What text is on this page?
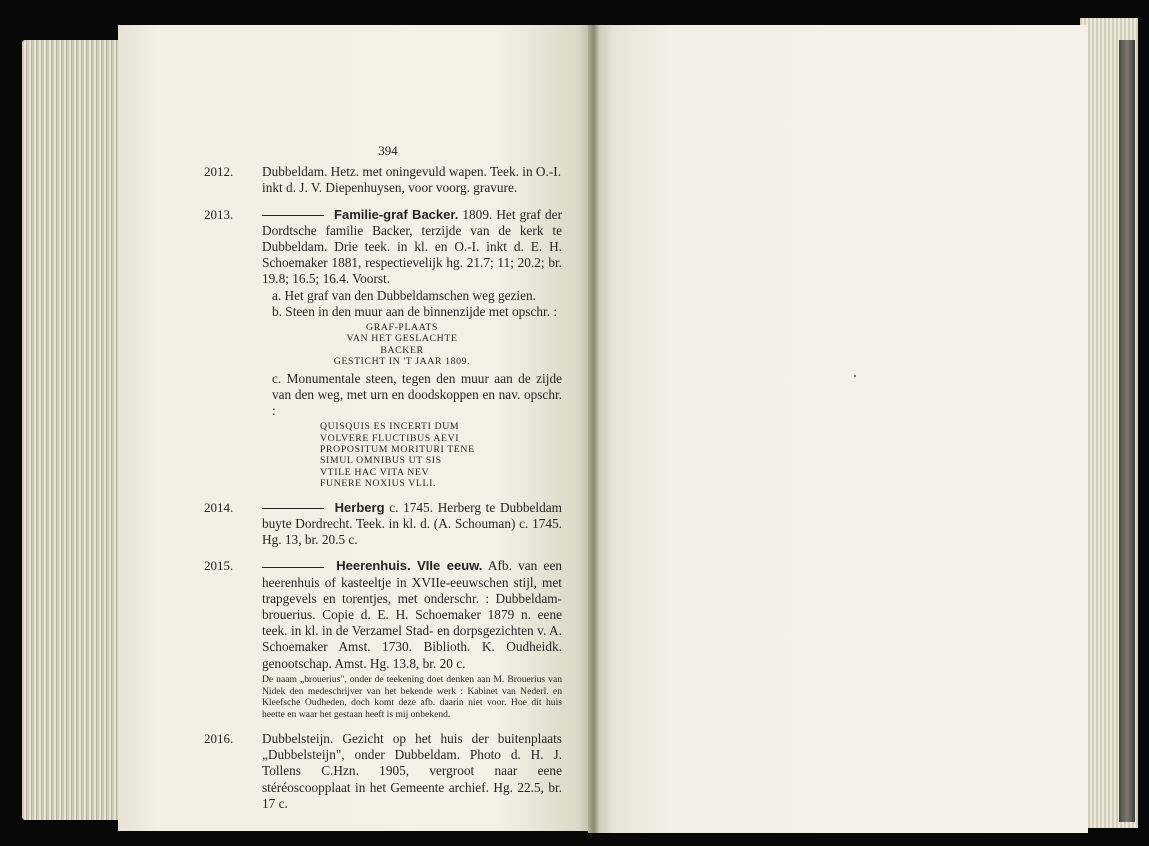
394
2012. Dubbeldam. Hetz. met oningevuld wapen. Teek. in O.-I.
inkt d. J. V. Diepenhuysen, voor voorg. gravure.
2013.	Familie-graf Backer. 1809. Het graf der Dordtsche familie Backer, terzijde van de kerk te Dubbeldam. Drie teek. in kl. en O.-I. inkt d. E. H. Schoemaker 1881, respectievelijk hg. 21.7; 11; 20.2; br. 19.8; 16.5; 16.4. Voorst.
a. Het graf van den Dubbeldamschen weg gezien.
b. Steen in den muur aan de binnenzijde met opschr. :
GRAF-PLAATS
VAN HET GESLACHTE
BACKER
GESTICHT IN 'T JAAR 1809.
c. Monumentale steen, tegen den muur aan de zijde van den weg, met urn en doodskoppen en nav. opschr. :
QUISQUIS ES INCERTI DUM
VOLVERE FLUCTIBUS AEVI
PROPOSITUM MORITURI TENE
SIMUL OMNIBUS UT SIS
VTILE HAC VITA NEV
FUNERE NOXIUS VLLI.
2014.	Herberg c. 1745. Herberg te Dubbeldam buyte Dordrecht. Teek. in kl. d. (A. Schouman) c. 1745. Hg. 13, br. 20.5 c.
2015.	Heerenhuis. VIIe eeuw. Afb. van een heerenhuis of kasteeltje in XVIIe-eeuwschen stijl, met trapgevels en torentjes, met onderschr. : Dubbeldam-brouerius. Copie d. E. H. Schoemaker 1879 n. eene teek. in kl. in de Verzamel Stad- en dorpsgezichten v. A. Schoemaker Amst. 1730. Biblioth. K. Oudheidk. genootschap. Amst. Hg. 13.8, br. 20 c.
De naam „brouerius", onder de teekening doet denken aan M. Brouerius van Nidek den medeschrijver van het bekende werk : Kabinet van Nederl. en Kleefsche Oudheden, doch komt deze afb. daarin niet voor. Hoe dit huis heette en waar het gestaan heeft is mij onbekend.
2016. Dubbelsteijn. Gezicht op het huis der buitenplaats „Dubbelsteijn", onder Dubbeldam. Photo d. H. J. Tollens C.Hzn. 1905, vergroot naar eene stéréoscoopplaat in het Gemeente archief. Hg. 22.5, br. 17 c.
